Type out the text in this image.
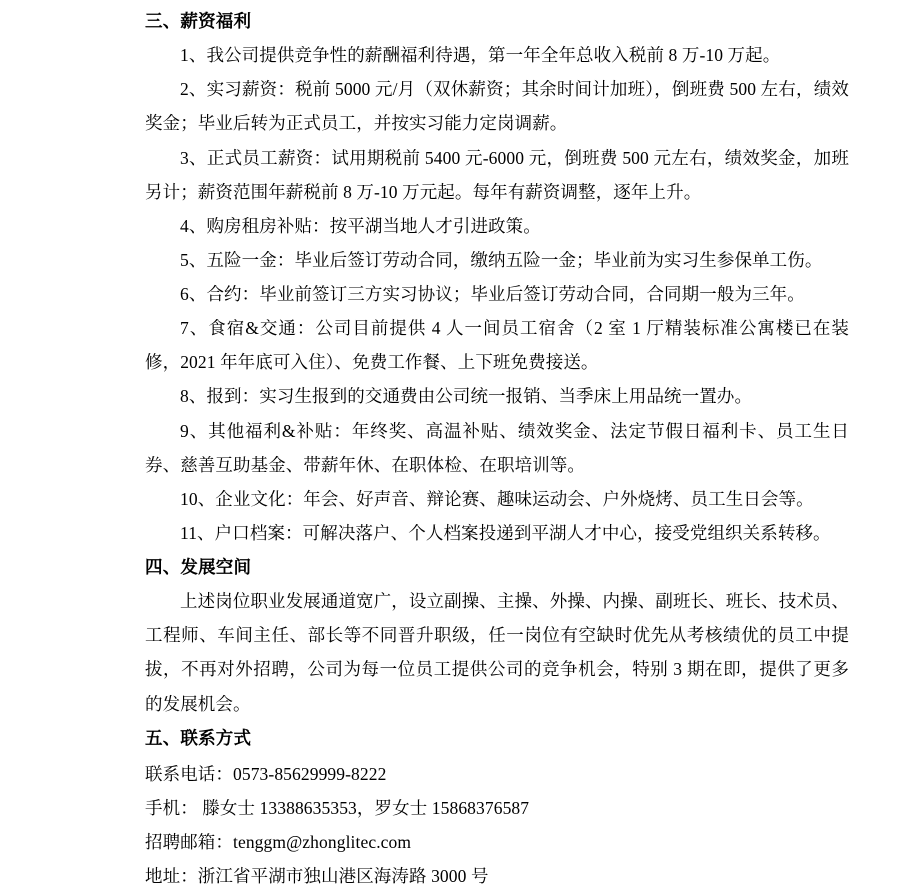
三、薪资福利

1、我公司提供竞争性的薪酬福利待遇，第一年全年总收入税前 8 万-10 万起。

2、实习薪资：税前 5000 元/月（双休薪资；其余时间计加班），倒班费 500 左右，绩效奖金；毕业后转为正式员工，并按实习能力定岗调薪。

3、正式员工薪资：试用期税前 5400 元-6000 元，倒班费 500 元左右，绩效奖金，加班另计；薪资范围年薪税前 8 万-10 万元起。每年有薪资调整，逐年上升。

4、购房租房补贴：按平湖当地人才引进政策。

5、五险一金：毕业后签订劳动合同，缴纳五险一金；毕业前为实习生参保单工伤。

6、合约：毕业前签订三方实习协议；毕业后签订劳动合同，合同期一般为三年。

7、食宿&交通：公司目前提供 4 人一间员工宿舍（2 室 1 厅精装标准公寓楼已在装修，2021 年年底可入住）、免费工作餐、上下班免费接送。

8、报到：实习生报到的交通费由公司统一报销、当季床上用品统一置办。

9、其他福利&补贴：年终奖、高温补贴、绩效奖金、法定节假日福利卡、员工生日券、慈善互助基金、带薪年休、在职体检、在职培训等。

10、企业文化：年会、好声音、辩论赛、趣味运动会、户外烧烤、员工生日会等。

11、户口档案：可解决落户、个人档案投递到平湖人才中心，接受党组织关系转移。

四、发展空间

上述岗位职业发展通道宽广，设立副操、主操、外操、内操、副班长、班长、技术员、工程师、车间主任、部长等不同晋升职级，任一岗位有空缺时优先从考核绩优的员工中提拔，不再对外招聘，公司为每一位员工提供公司的竞争机会，特别 3 期在即，提供了更多的发展机会。

五、联系方式

联系电话：0573-85629999-8222

手机： 滕女士 13388635353，罗女士 15868376587

招聘邮箱：tenggm@zhonglitec.com

地址：浙江省平湖市独山港区海涛路 3000 号
